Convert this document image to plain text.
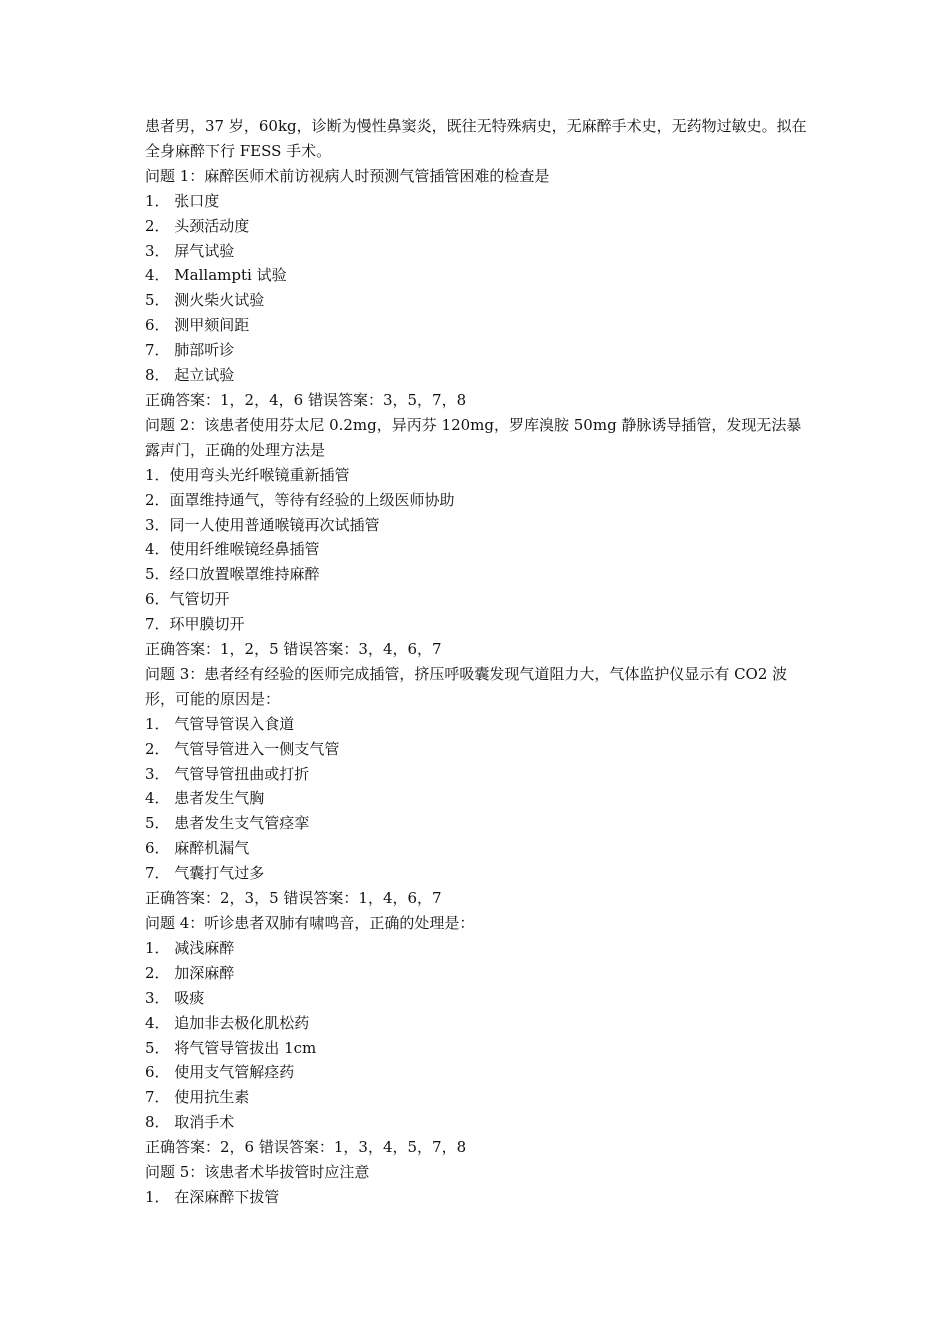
患者男，37 岁，60kg，诊断为慢性鼻窦炎，既往无特殊病史，无麻醉手术史，无药物过敏史。拟在全身麻醉下行 FESS 手术。
问题 1：麻醉医师术前访视病人时预测气管插管困难的检查是
1． 张口度
2． 头颈活动度
3． 屏气试验
4． Mallampti 试验
5． 测火柴火试验
6． 测甲颏间距
7． 肺部听诊
8． 起立试验
正确答案：1，2，4，6 错误答案：3，5，7，8
问题 2：该患者使用芬太尼 0.2mg，异丙芬 120mg，罗库溴胺 50mg 静脉诱导插管，发现无法暴露声门，正确的处理方法是
1．使用弯头光纤喉镜重新插管
2．面罩维持通气，等待有经验的上级医师协助
3．同一人使用普通喉镜再次试插管
4．使用纤维喉镜经鼻插管
5．经口放置喉罩维持麻醉
6．气管切开
7．环甲膜切开
正确答案：1，2，5 错误答案：3，4，6，7
问题 3：患者经有经验的医师完成插管，挤压呼吸囊发现气道阻力大，气体监护仪显示有 CO2 波形，可能的原因是：
1． 气管导管误入食道
2． 气管导管进入一侧支气管
3． 气管导管扭曲或打折
4． 患者发生气胸
5． 患者发生支气管痉挛
6． 麻醉机漏气
7． 气囊打气过多
正确答案：2，3，5 错误答案：1，4，6，7
问题 4：听诊患者双肺有啸鸣音，正确的处理是：
1． 减浅麻醉
2． 加深麻醉
3． 吸痰
4． 追加非去极化肌松药
5． 将气管导管拔出 1cm
6． 使用支气管解痉药
7． 使用抗生素
8． 取消手术
正确答案：2，6 错误答案：1，3，4，5，7，8
问题 5：该患者术毕拔管时应注意
1． 在深麻醉下拔管
